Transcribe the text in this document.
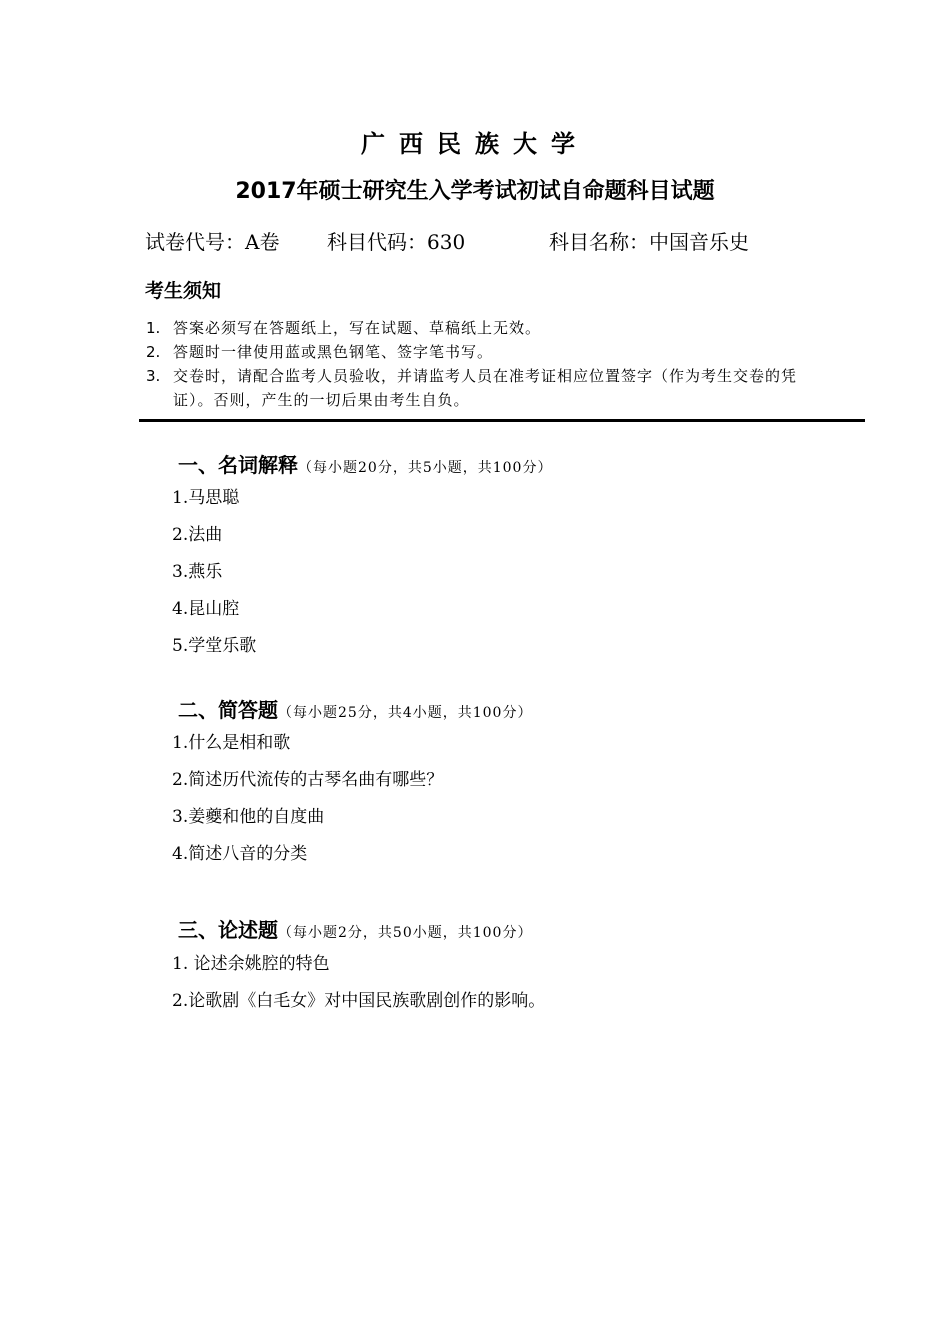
广西民族大学
2017年硕士研究生入学考试初试自命题科目试题
试卷代号：A卷 科目代码：630	科目名称：中国音乐史
考生须知
1. 答案必须写在答题纸上，写在试题、草稿纸上无效。
2. 答题时一律使用蓝或黑色钢笔、签字笔书写。
3. 交卷时，请配合监考人员验收，并请监考人员在准考证相应位置签字（作为考生交卷的凭证）。否则，产生的一切后果由考生自负。
一、名词解释（每小题20分，共5小题，共100分）
1.马思聪
2.法曲
3.燕乐
4.昆山腔
5.学堂乐歌
二、简答题（每小题25分，共4小题，共100分）
1.什么是相和歌
2.简述历代流传的古琴名曲有哪些？
3.姜夔和他的自度曲
4.简述八音的分类
三、论述题（每小题2分，共50小题，共100分）
1. 论述余姚腔的特色
2.论歌剧《白毛女》对中国民族歌剧创作的影响。
